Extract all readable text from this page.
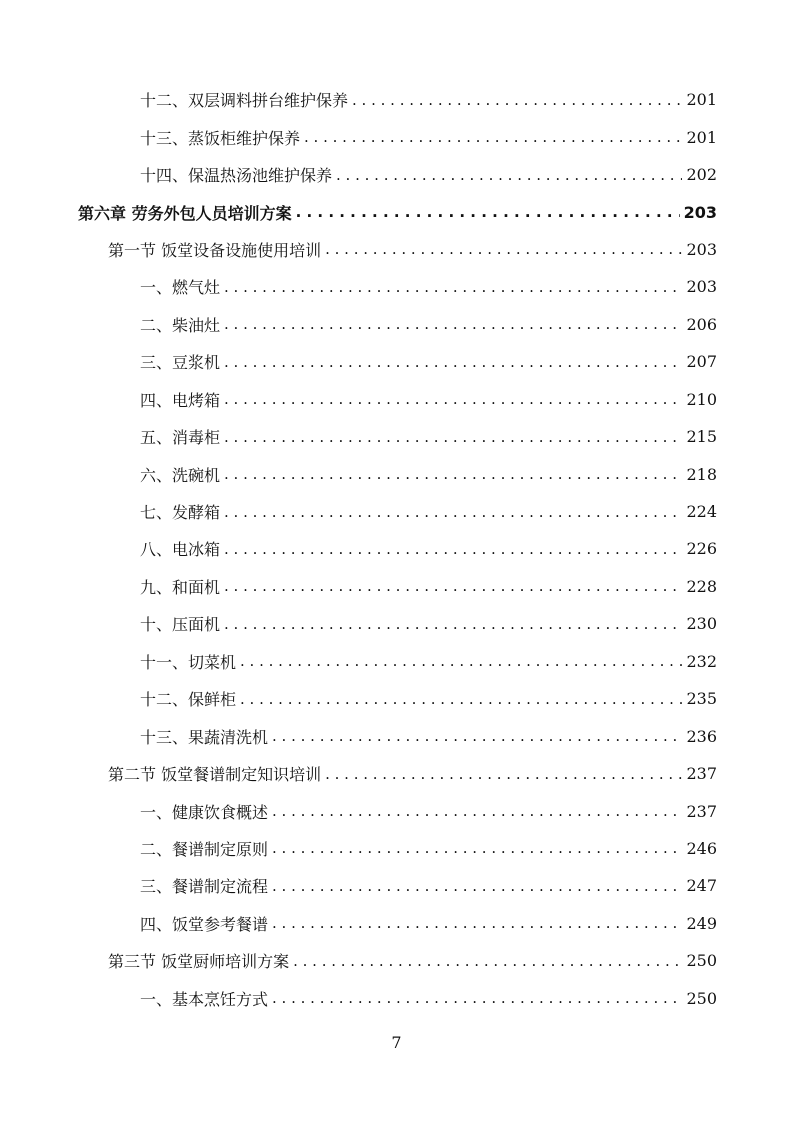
十二、双层调料拼台维护保养 . . .	201
十三、蒸饭柜维护保养 . . .	201
十四、保温热汤池维护保养 . . .	202
第六章 劳务外包人员培训方案 . . .	203
第一节 饭堂设备设施使用培训 . . .	203
一、燃气灶 . . .	203
二、柴油灶 . . .	206
三、豆浆机 . . .	207
四、电烤箱 . . .	210
五、消毒柜 . . .	215
六、洗碗机 . . .	218
七、发酵箱 . . .	224
八、电冰箱 . . .	226
九、和面机 . . .	228
十、压面机 . . .	230
十一、切菜机 . . .	232
十二、保鲜柜 . . .	235
十三、果蔬清洗机 . . .	236
第二节 饭堂餐谱制定知识培训 . . .	237
一、健康饮食概述 . . .	237
二、餐谱制定原则 . . .	246
三、餐谱制定流程 . . .	247
四、饭堂参考餐谱 . . .	249
第三节 饭堂厨师培训方案 . . .	250
一、基本烹饪方式 . . .	250
7
